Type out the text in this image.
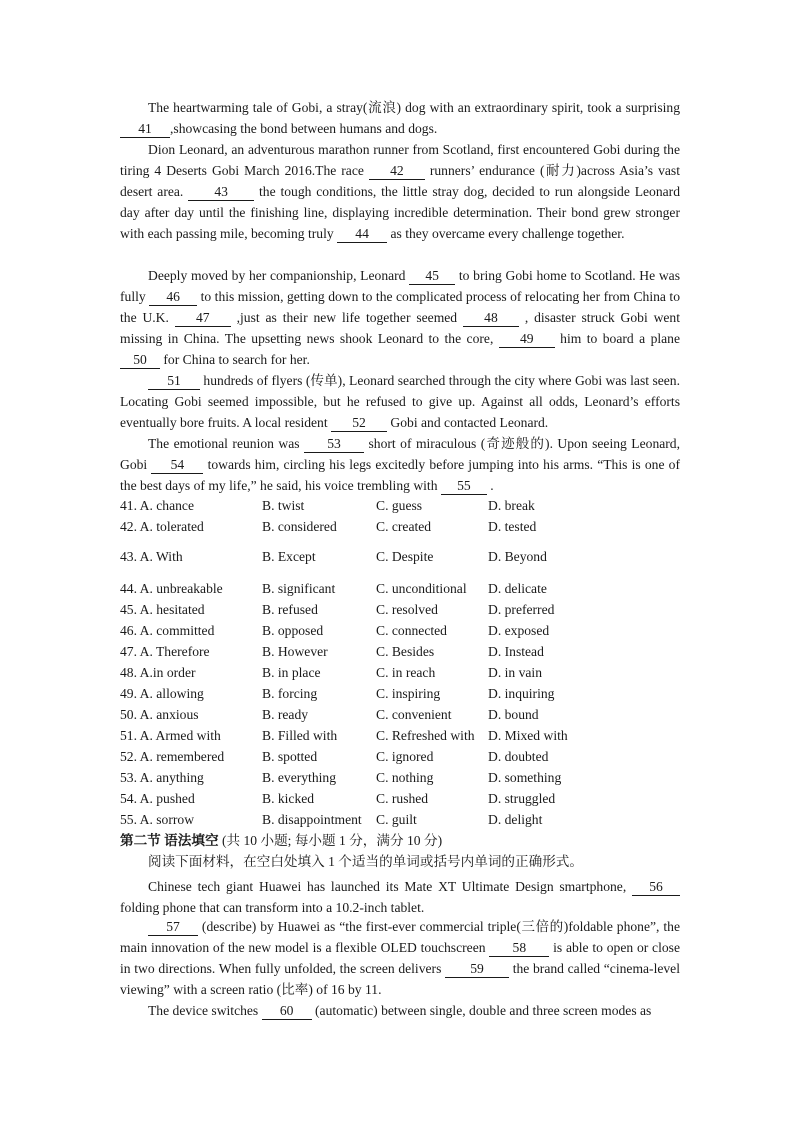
The heartwarming tale of Gobi, a stray(流浪) dog with an extraordinary spirit, took a surprising 41 ,showcasing the bond between humans and dogs.

Dion Leonard, an adventurous marathon runner from Scotland, first encountered Gobi during the tiring 4 Deserts Gobi March 2016.The race 42 runners’ endurance (耐力)across Asia’s vast desert area. 43 the tough conditions, the little stray dog, decided to run alongside Leonard day after day until the finishing line, displaying incredible determination. Their bond grew stronger with each passing mile, becoming truly 44 as they overcame every challenge together.

Deeply moved by her companionship, Leonard 45 to bring Gobi home to Scotland. He was fully 46 to this mission, getting down to the complicated process of relocating her from China to the U.K. 47 ,just as their new life together seemed 48 , disaster struck Gobi went missing in China. The upsetting news shook Leonard to the core, 49 him to board a plane 50 for China to search for her.

51 hundreds of flyers (传单), Leonard searched through the city where Gobi was last seen. Locating Gobi seemed impossible, but he refused to give up. Against all odds, Leonard’s efforts eventually bore fruits. A local resident 52 Gobi and contacted Leonard.

The emotional reunion was 53 short of miraculous (奇迹般的). Upon seeing Leonard, Gobi 54 towards him, circling his legs excitedly before jumping into his arms. “This is one of the best days of my life,” he said, his voice trembling with 55 .

41. A. chance	B. twist	C. guess	D. break
42. A. tolerated	B. considered	C. created	D. tested
43. A. With	B. Except	C. Despite	D. Beyond
44. A. unbreakable	B. significant	C. unconditional D. delicate
45. A. hesitated	B. refused	C. resolved	D. preferred
46. A. committed	B. opposed	C. connected	D. exposed
47. A. Therefore	B. However	C. Besides	D. Instead
48. A.in order	B. in place	C. in reach	D. in vain
49. A. allowing	B. forcing	C. inspiring	D. inquiring
50. A. anxious	B. ready	C. convenient	D. bound
51. A. Armed with	B. Filled with	C. Refreshed with D. Mixed with
52. A. remembered	B. spotted	C. ignored	D. doubted
53. A. anything	B. everything	C. nothing	D. something
54. A. pushed	B. kicked	C. rushed	D. struggled
55. A. sorrow	B. disappointment C. guilt	D. delight
第二节 语法填空 (共 10 小题; 每小题 1 分，满分 10 分)

阅读下面材料，在空白处填入 1 个适当的单词或括号内单词的正确形式。

Chinese tech giant Huawei has launched its Mate XT Ultimate Design smartphone, 56 folding phone that can transform into a 10.2-inch tablet.

57 (describe) by Huawei as “the first-ever commercial triple(三倍的)foldable phone”, the main innovation of the new model is a flexible OLED touchscreen 58 is able to open or close in two directions. When fully unfolded, the screen delivers 59 the brand called “cinema-level viewing” with a screen ratio (比率) of 16 by 11.

The device switches 60 (automatic) between single, double and three screen modes as
